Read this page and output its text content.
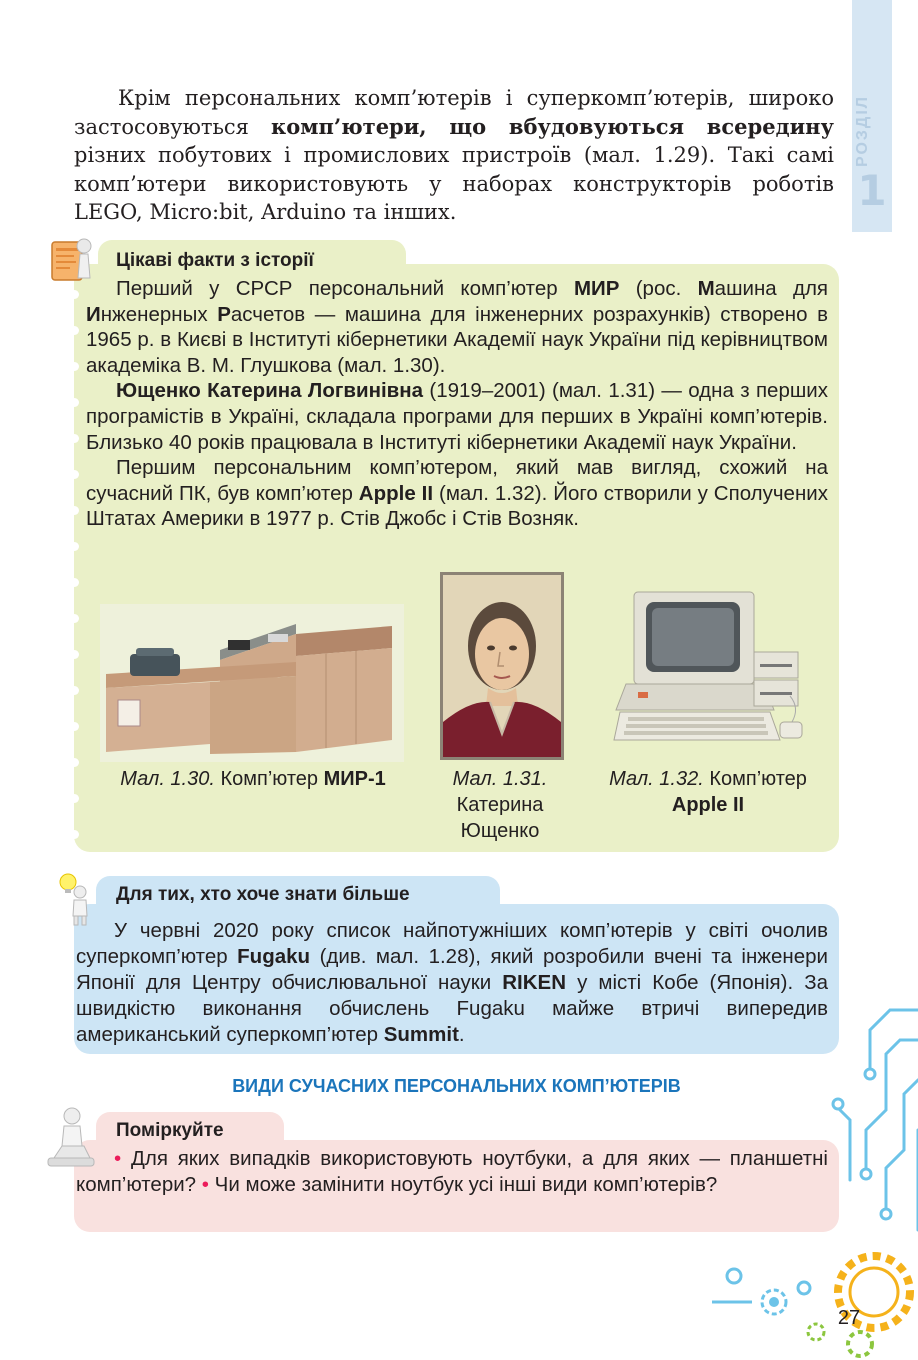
РОЗДІЛ
1

Крім персональних комп’ютерів і суперкомп’ютерів, широко застосовуються комп’ютери, що вбудовуються всередину різних побутових і промислових пристроїв (мал. 1.29). Такі самі комп’ютери використовують у наборах конструкторів роботів LEGO, Micro:bit, Arduino та інших.

Цікаві факти з історії

Перший у СРСР персональний комп’ютер МИР (рос. Машина для Инженерных Расчетов — машина для інженерних розрахунків) створено в 1965 р. в Києві в Інституті кібернетики Академії наук України під керівництвом академіка В. М. Глушкова (мал. 1.30).

Ющенко Катерина Логвинівна (1919–2001) (мал. 1.31) — одна з перших програмістів в Україні, складала програми для перших в Україні комп’ютерів. Близько 40 років працювала в Інституті кібернетики Академії наук України.

Першим персональним комп’ютером, який мав вигляд, схожий на сучасний ПК, був комп’ютер Apple II (мал. 1.32). Його створили у Сполучених Штатах Америки в 1977 р. Стів Джобс і Стів Возняк.

Мал. 1.30. Комп’ютер МИР-1	Мал. 1.31.
Катерина
Ющенко
Мал. 1.32. Комп’ютер
Apple II
Для тих, хто хоче знати більше

У червні 2020 року список найпотужніших комп’ютерів у світі очолив суперкомп’ютер Fugaku (див. мал. 1.28), який розробили вчені та інженери Японії для Центру обчислювальної науки RIKEN у місті Кобе (Японія). За швидкістю виконання обчислень Fugaku майже втричі випередив американський суперкомп’ютер Summit.

ВИДИ СУЧАСНИХ ПЕРСОНАЛЬНИХ КОМП’ЮТЕРІВ
Поміркуйте

• Для яких випадків використовують ноутбуки, а для яких — планшетні комп’ютери? • Чи може замінити ноутбук усі інші види комп’ютерів?

27
